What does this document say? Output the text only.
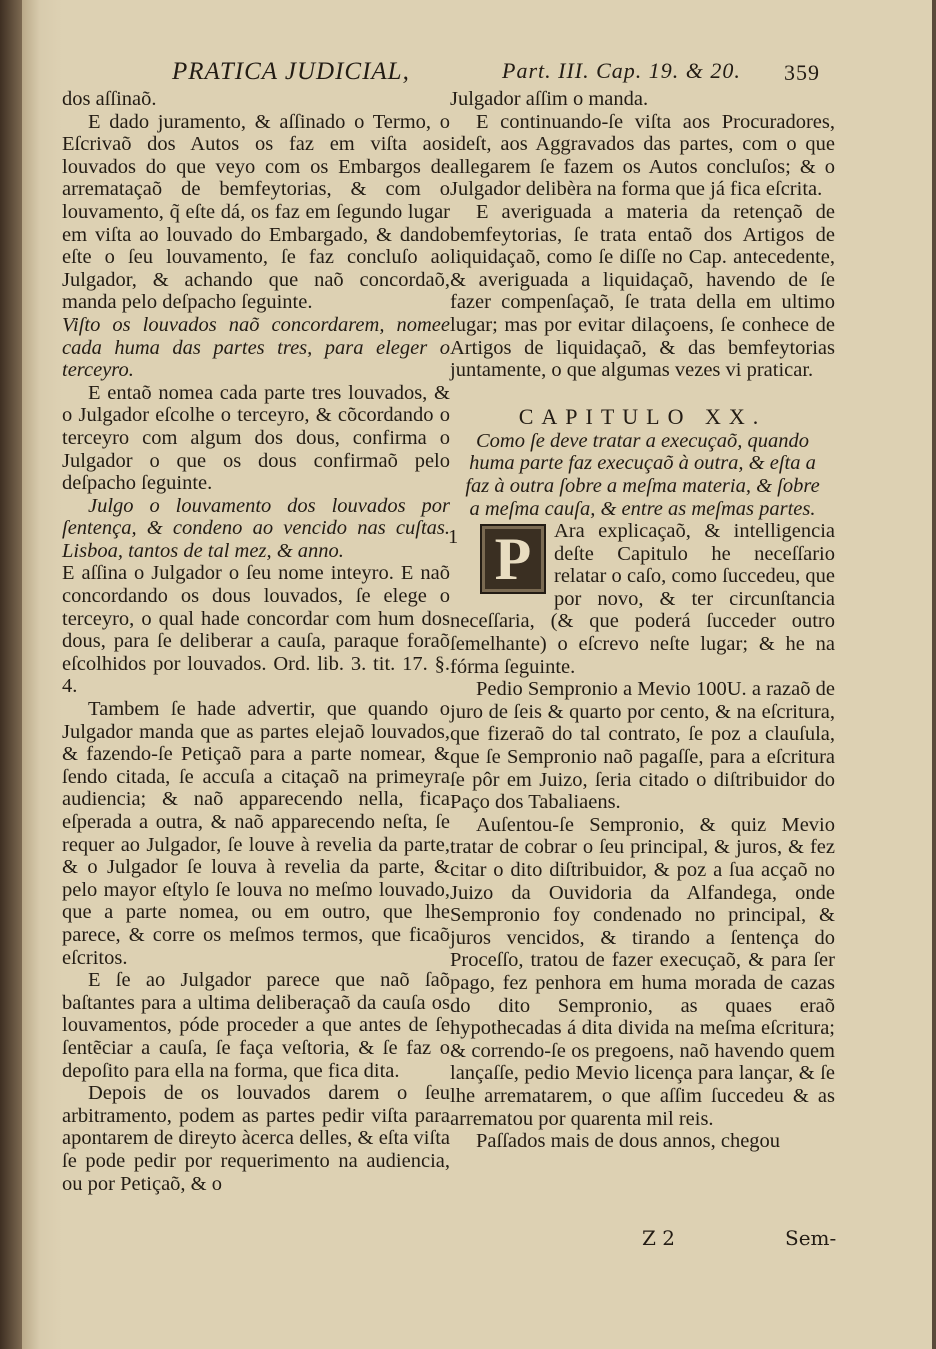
PRATICA JUDICIAL,	Part. III. Cap. 19. & 20. 359

dos aſſinaõ.

E dado juramento, & aſſinado o Termo, o Eſcrivaõ dos Autos os faz em viſta aos louvados do que veyo com os Embargos de arremataçaõ de bemfeytorias, & com o louvamento, q̃ eſte dá, os faz em ſegundo lugar em viſta ao louvado do Embargado, & dando eſte o ſeu louvamento, ſe faz concluſo ao Julgador, & achando que naõ concordaõ, manda pelo deſpacho ſeguinte.

Viſto os louvados naõ concordarem, nomee cada huma das partes tres, para eleger o terceyro.

E entaõ nomea cada parte tres louvados, & o Julgador eſcolhe o terceyro, & cõcordando o terceyro com algum dos dous, confirma o Julgador o que os dous confirmaõ pelo deſpacho ſeguinte.

Julgo o louvamento dos louvados por ſentença, & condeno ao vencido nas cuſtas. Lisboa, tantos de tal mez, & anno.

E aſſina o Julgador o ſeu nome inteyro. E naõ concordando os dous louvados, ſe elege o terceyro, o qual hade concordar com hum dos dous, para ſe deliberar a cauſa, paraque foraõ eſcolhidos por louvados. Ord. lib. 3. tit. 17. §. 4.

Tambem ſe hade advertir, que quando o Julgador manda que as partes elejaõ louvados, & fazendo-ſe Petiçaõ para a parte nomear, & ſendo citada, ſe accuſa a citaçaõ na primeyra audiencia; & naõ apparecendo nella, fica eſperada a outra, & naõ apparecendo neſta, ſe requer ao Julgador, ſe louve à revelia da parte, & o Julgador ſe louva à revelia da parte, & pelo mayor eſtylo ſe louva no meſmo louvado, que a parte nomea, ou em outro, que lhe parece, & corre os meſmos termos, que ficaõ eſcritos.

E ſe ao Julgador parece que naõ ſaõ baſtantes para a ultima deliberaçaõ da cauſa os louvamentos, póde proceder a que antes de ſe ſentẽciar a cauſa, ſe faça veſtoria, & ſe faz o depoſito para ella na forma, que fica dita.

Depois de os louvados darem o ſeu arbitramento, podem as partes pedir viſta para apontarem de direyto àcerca delles, & eſta viſta ſe pode pedir por requerimento na audiencia, ou por Petiçaõ, & o

Julgador aſſim o manda.

E continuando-ſe viſta aos Procuradores, ideſt, aos Aggravados das partes, com o que allegarem ſe fazem os Autos concluſos; & o Julgador delibèra na forma que já fica eſcrita.

E averiguada a materia da retençaõ de bemfeytorias, ſe trata entaõ dos Artigos de liquidaçaõ, como ſe diſſe no Cap. antecedente, & averiguada a liquidaçaõ, havendo de ſe fazer compenſaçaõ, ſe trata della em ultimo lugar; mas por evitar dilaçoens, ſe conhece de Artigos de liquidaçaõ, & das bemfeytorias juntamente, o que algumas vezes vi praticar.

CAPITULO XX.

Como ſe deve tratar a execuçaõ, quando huma parte faz execuçaõ à outra, & eſta a faz à outra ſobre a meſma materia, & ſobre a meſma cauſa, & entre as meſmas partes.

1 P	Ara explicaçaõ, & intelligencia deſte Capitulo he neceſſario relatar o caſo, como ſuccedeu, que por novo, & ter circunſtancia neceſſaria, (& que poderá ſucceder outro ſemelhante) o eſcrevo neſte lugar; & he na fórma ſeguinte.

Pedio Sempronio a Mevio 100U. a razaõ de juro de ſeis & quarto por cento, & na eſcritura, que fizeraõ do tal contrato, ſe poz a clauſula, que ſe Sempronio naõ pagaſſe, para a eſcritura ſe pôr em Juizo, ſeria citado o diſtribuidor do Paço dos Tabaliaens.

Auſentou-ſe Sempronio, & quiz Mevio tratar de cobrar o ſeu principal, & juros, & fez citar o dito diſtribuidor, & poz a ſua acçaõ no Juizo da Ouvidoria da Alfandega, onde Sempronio foy condenado no principal, & juros vencidos, & tirando a ſentença do Proceſſo, tratou de fazer execuçaõ, & para ſer pago, fez penhora em huma morada de cazas do dito Sempronio, as quaes eraõ hypothecadas á dita divida na meſma eſcritura; & correndo-ſe os pregoens, naõ havendo quem lançaſſe, pedio Mevio licença para lançar, & ſe lhe arrematarem, o que aſſim ſuccedeu & as arrematou por quarenta mil reis.

Paſſados mais de dous annos, chegou

Z 2	Sem-
